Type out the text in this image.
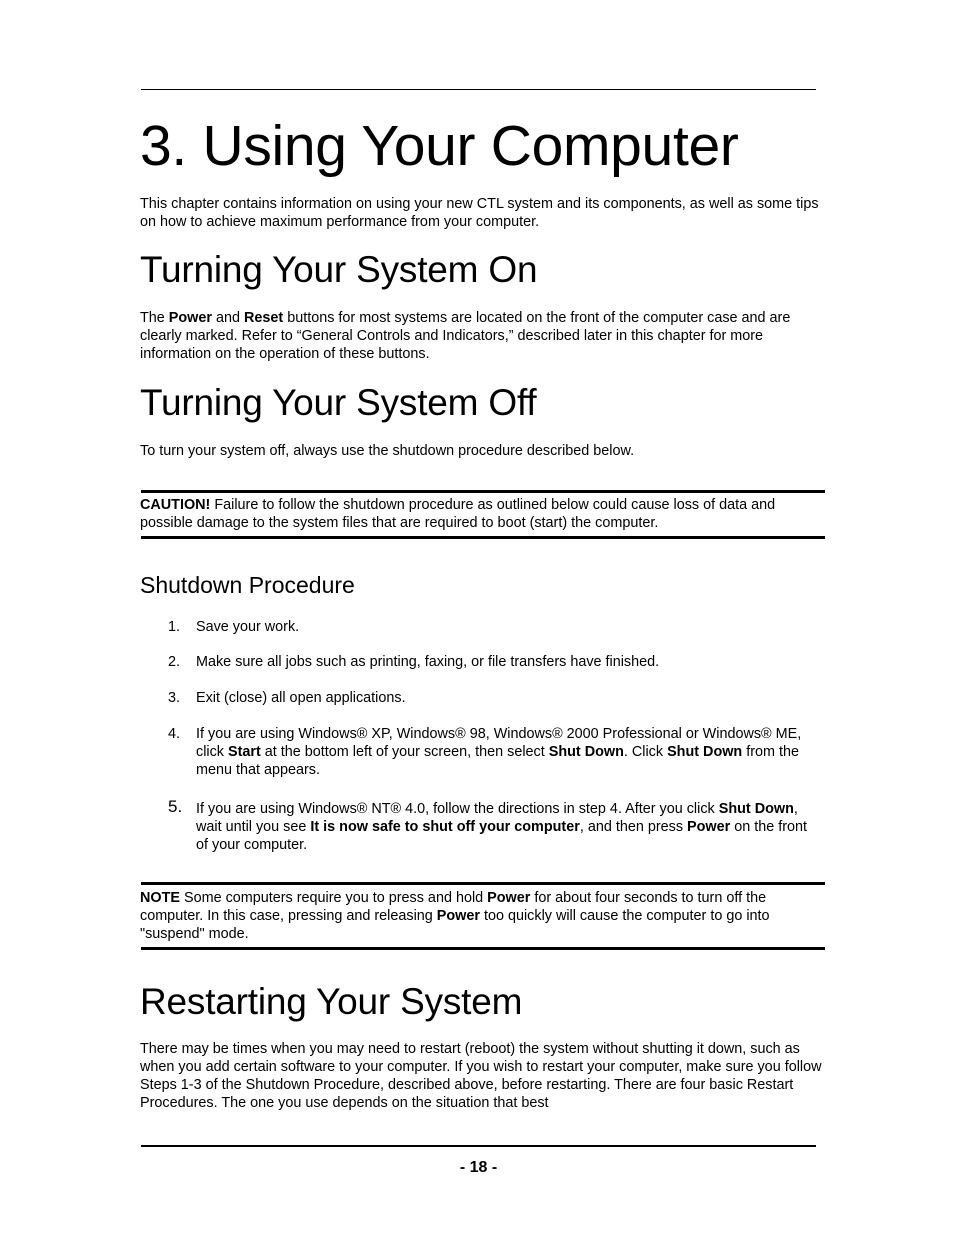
3. Using Your Computer

This chapter contains information on using your new CTL system and its components, as well as some tips on how to achieve maximum performance from your computer.

Turning Your System On

The Power and Reset buttons for most systems are located on the front of the computer case and are clearly marked. Refer to “General Controls and Indicators,” described later in this chapter for more information on the operation of these buttons.

Turning Your System Off

To turn your system off, always use the shutdown procedure described below.

CAUTION! Failure to follow the shutdown procedure as outlined below could cause loss of data and possible damage to the system files that are required to boot (start) the computer.

Shutdown Procedure
1. Save your work.
2. Make sure all jobs such as printing, faxing, or file transfers have finished.
3. Exit (close) all open applications.
4. If you are using Windows® XP, Windows® 98, Windows® 2000 Professional or Windows® ME, click Start at the bottom left of your screen, then select Shut Down. Click Shut Down from the menu that appears.
5. If you are using Windows® NT® 4.0, follow the directions in step 4. After you click Shut Down, wait until you see It is now safe to shut off your computer, and then press Power on the front of your computer.

NOTE Some computers require you to press and hold Power for about four seconds to turn off the computer. In this case, pressing and releasing Power too quickly will cause the computer to go into "suspend" mode.

Restarting Your System

There may be times when you may need to restart (reboot) the system without shutting it down, such as when you add certain software to your computer. If you wish to restart your computer, make sure you follow Steps 1-3 of the Shutdown Procedure, described above, before restarting. There are four basic Restart Procedures. The one you use depends on the situation that best

- 18 -
